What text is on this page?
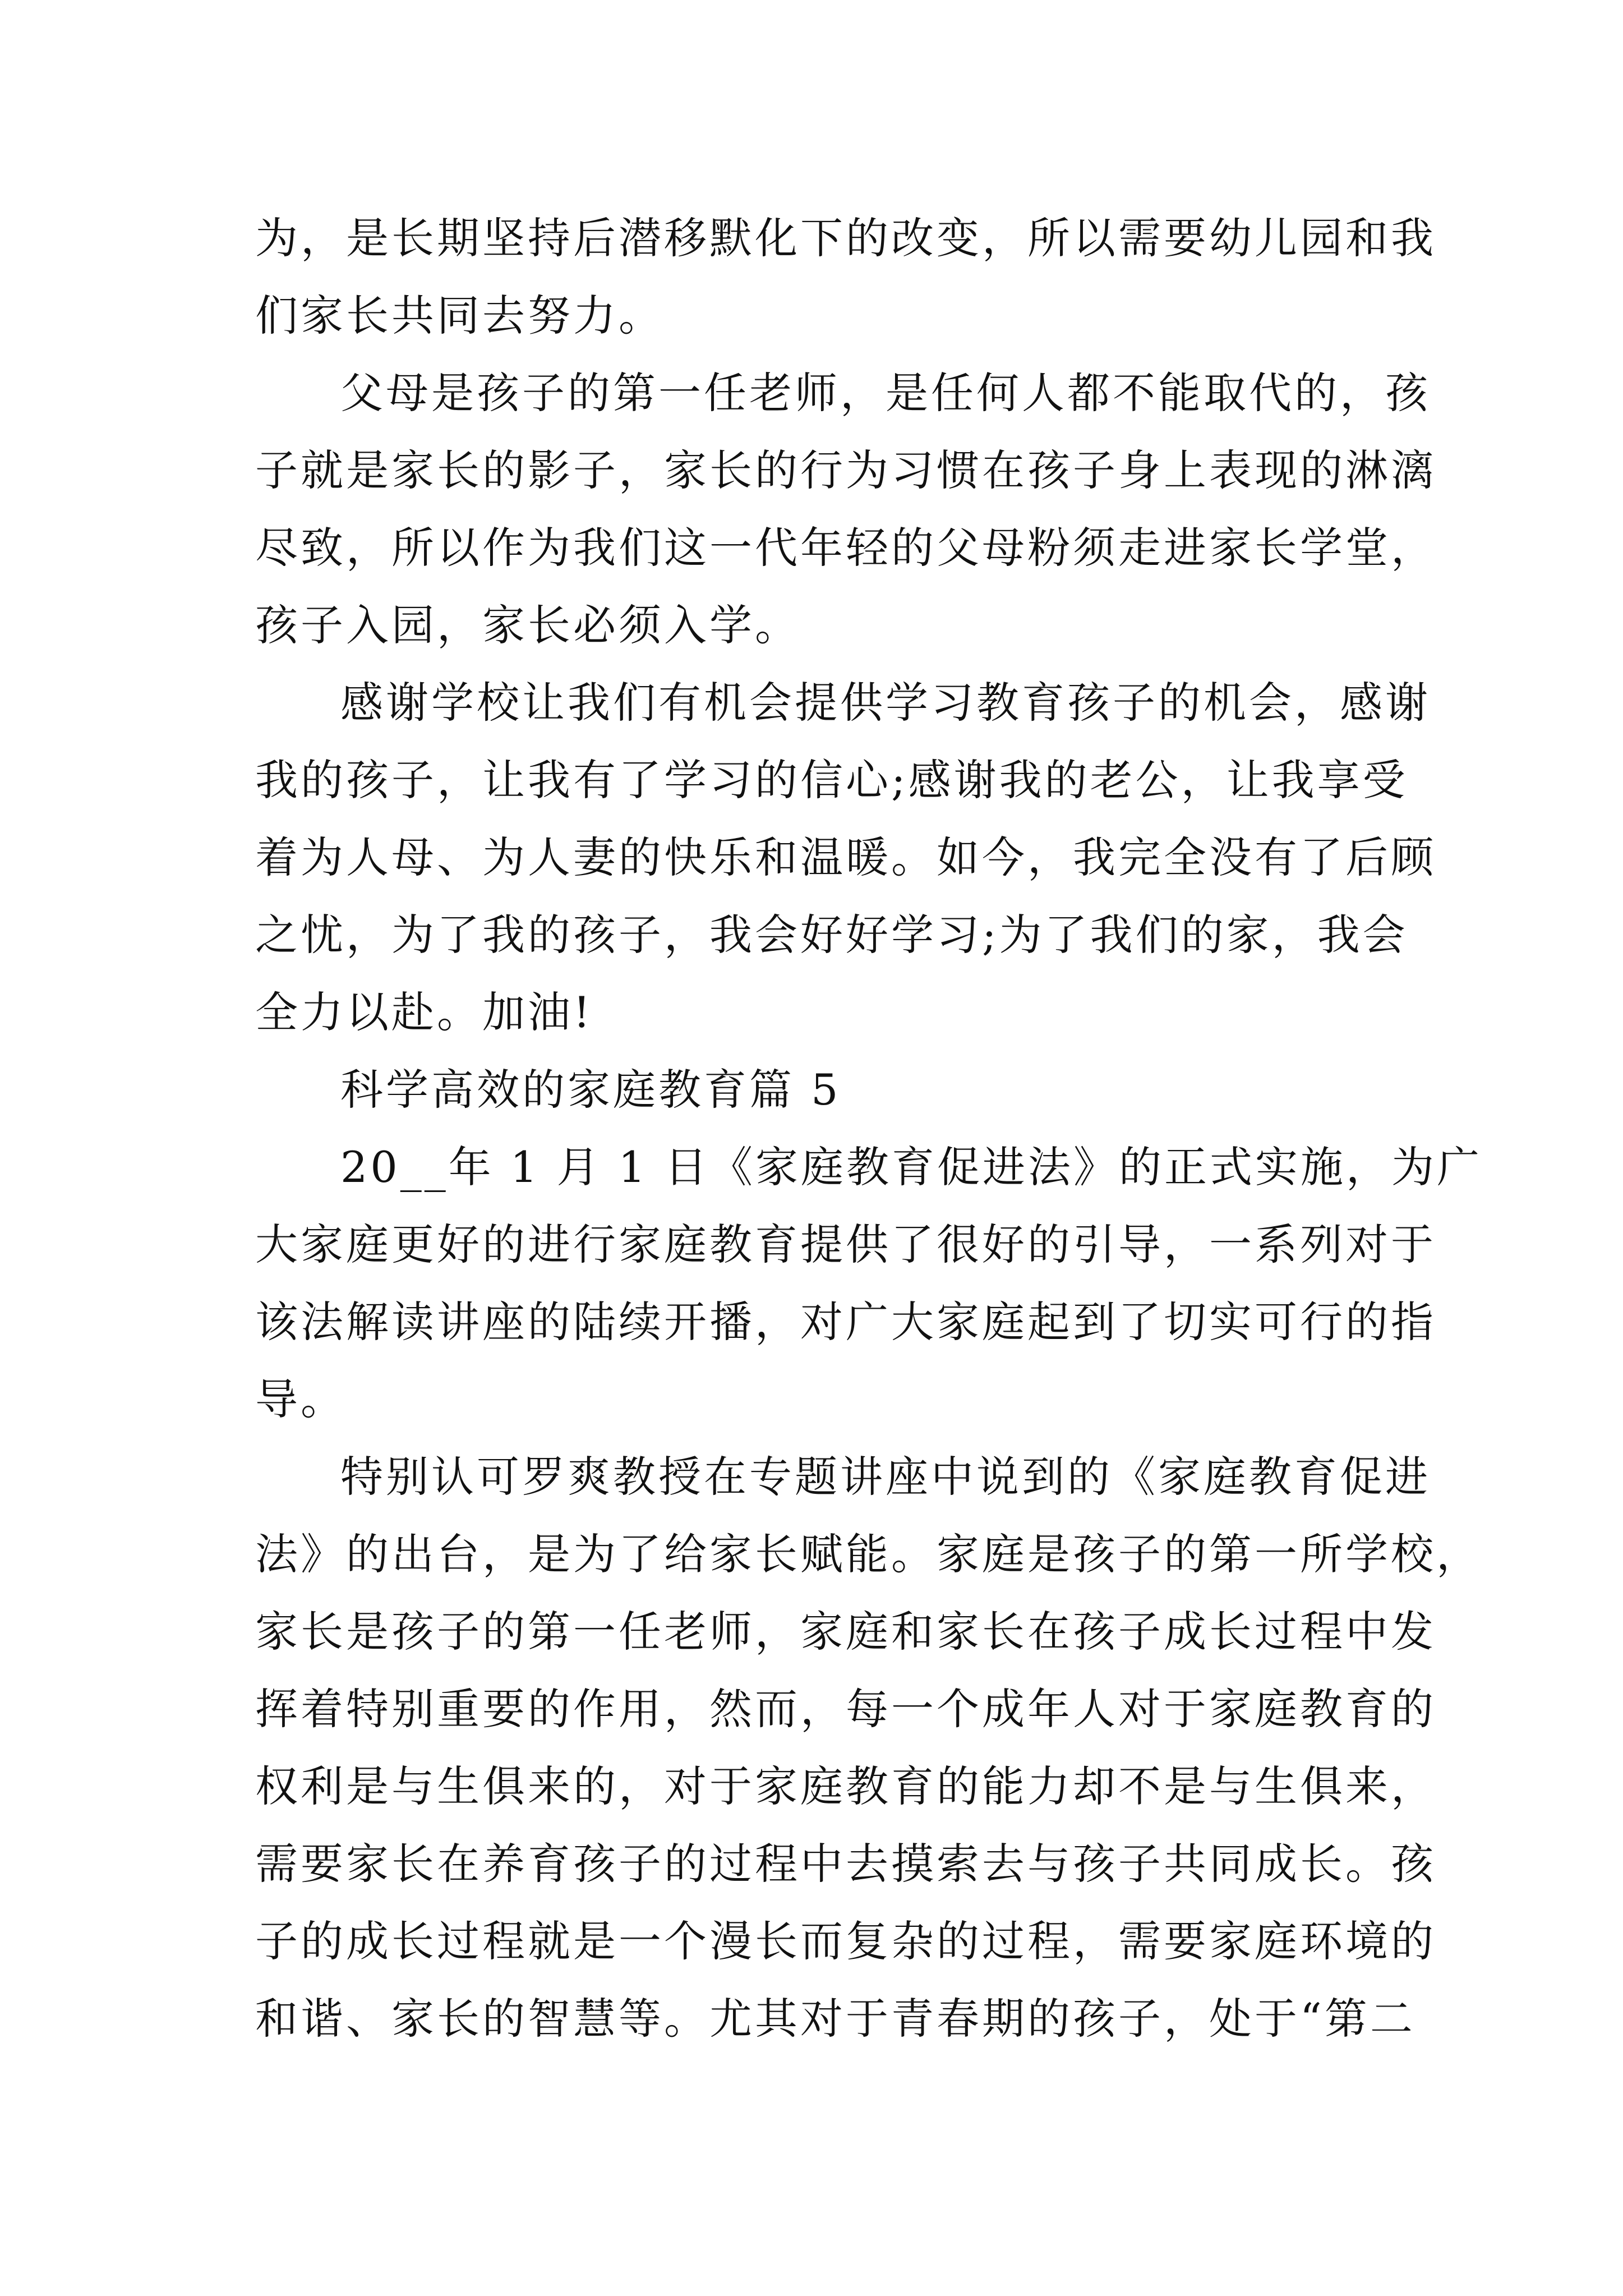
为，是长期坚持后潜移默化下的改变，所以需要幼儿园和我
们家长共同去努力。
父母是孩子的第一任老师，是任何人都不能取代的，孩
子就是家长的影子，家长的行为习惯在孩子身上表现的淋漓
尽致，所以作为我们这一代年轻的父母粉须走进家长学堂，
孩子入园，家长必须入学。
感谢学校让我们有机会提供学习教育孩子的机会，感谢
我的孩子，让我有了学习的信心;感谢我的老公，让我享受
着为人母、为人妻的快乐和温暖。如今，我完全没有了后顾
之忧，为了我的孩子，我会好好学习;为了我们的家，我会
全力以赴。加油!
科学高效的家庭教育篇 5
20__年 1 月 1 日《家庭教育促进法》的正式实施，为广
大家庭更好的进行家庭教育提供了很好的引导，一系列对于
该法解读讲座的陆续开播，对广大家庭起到了切实可行的指
导。
特别认可罗爽教授在专题讲座中说到的《家庭教育促进
法》的出台，是为了给家长赋能。家庭是孩子的第一所学校，
家长是孩子的第一任老师，家庭和家长在孩子成长过程中发
挥着特别重要的作用，然而，每一个成年人对于家庭教育的
权利是与生俱来的，对于家庭教育的能力却不是与生俱来，
需要家长在养育孩子的过程中去摸索去与孩子共同成长。孩
子的成长过程就是一个漫长而复杂的过程，需要家庭环境的
和谐、家长的智慧等。尤其对于青春期的孩子，处于“第二
